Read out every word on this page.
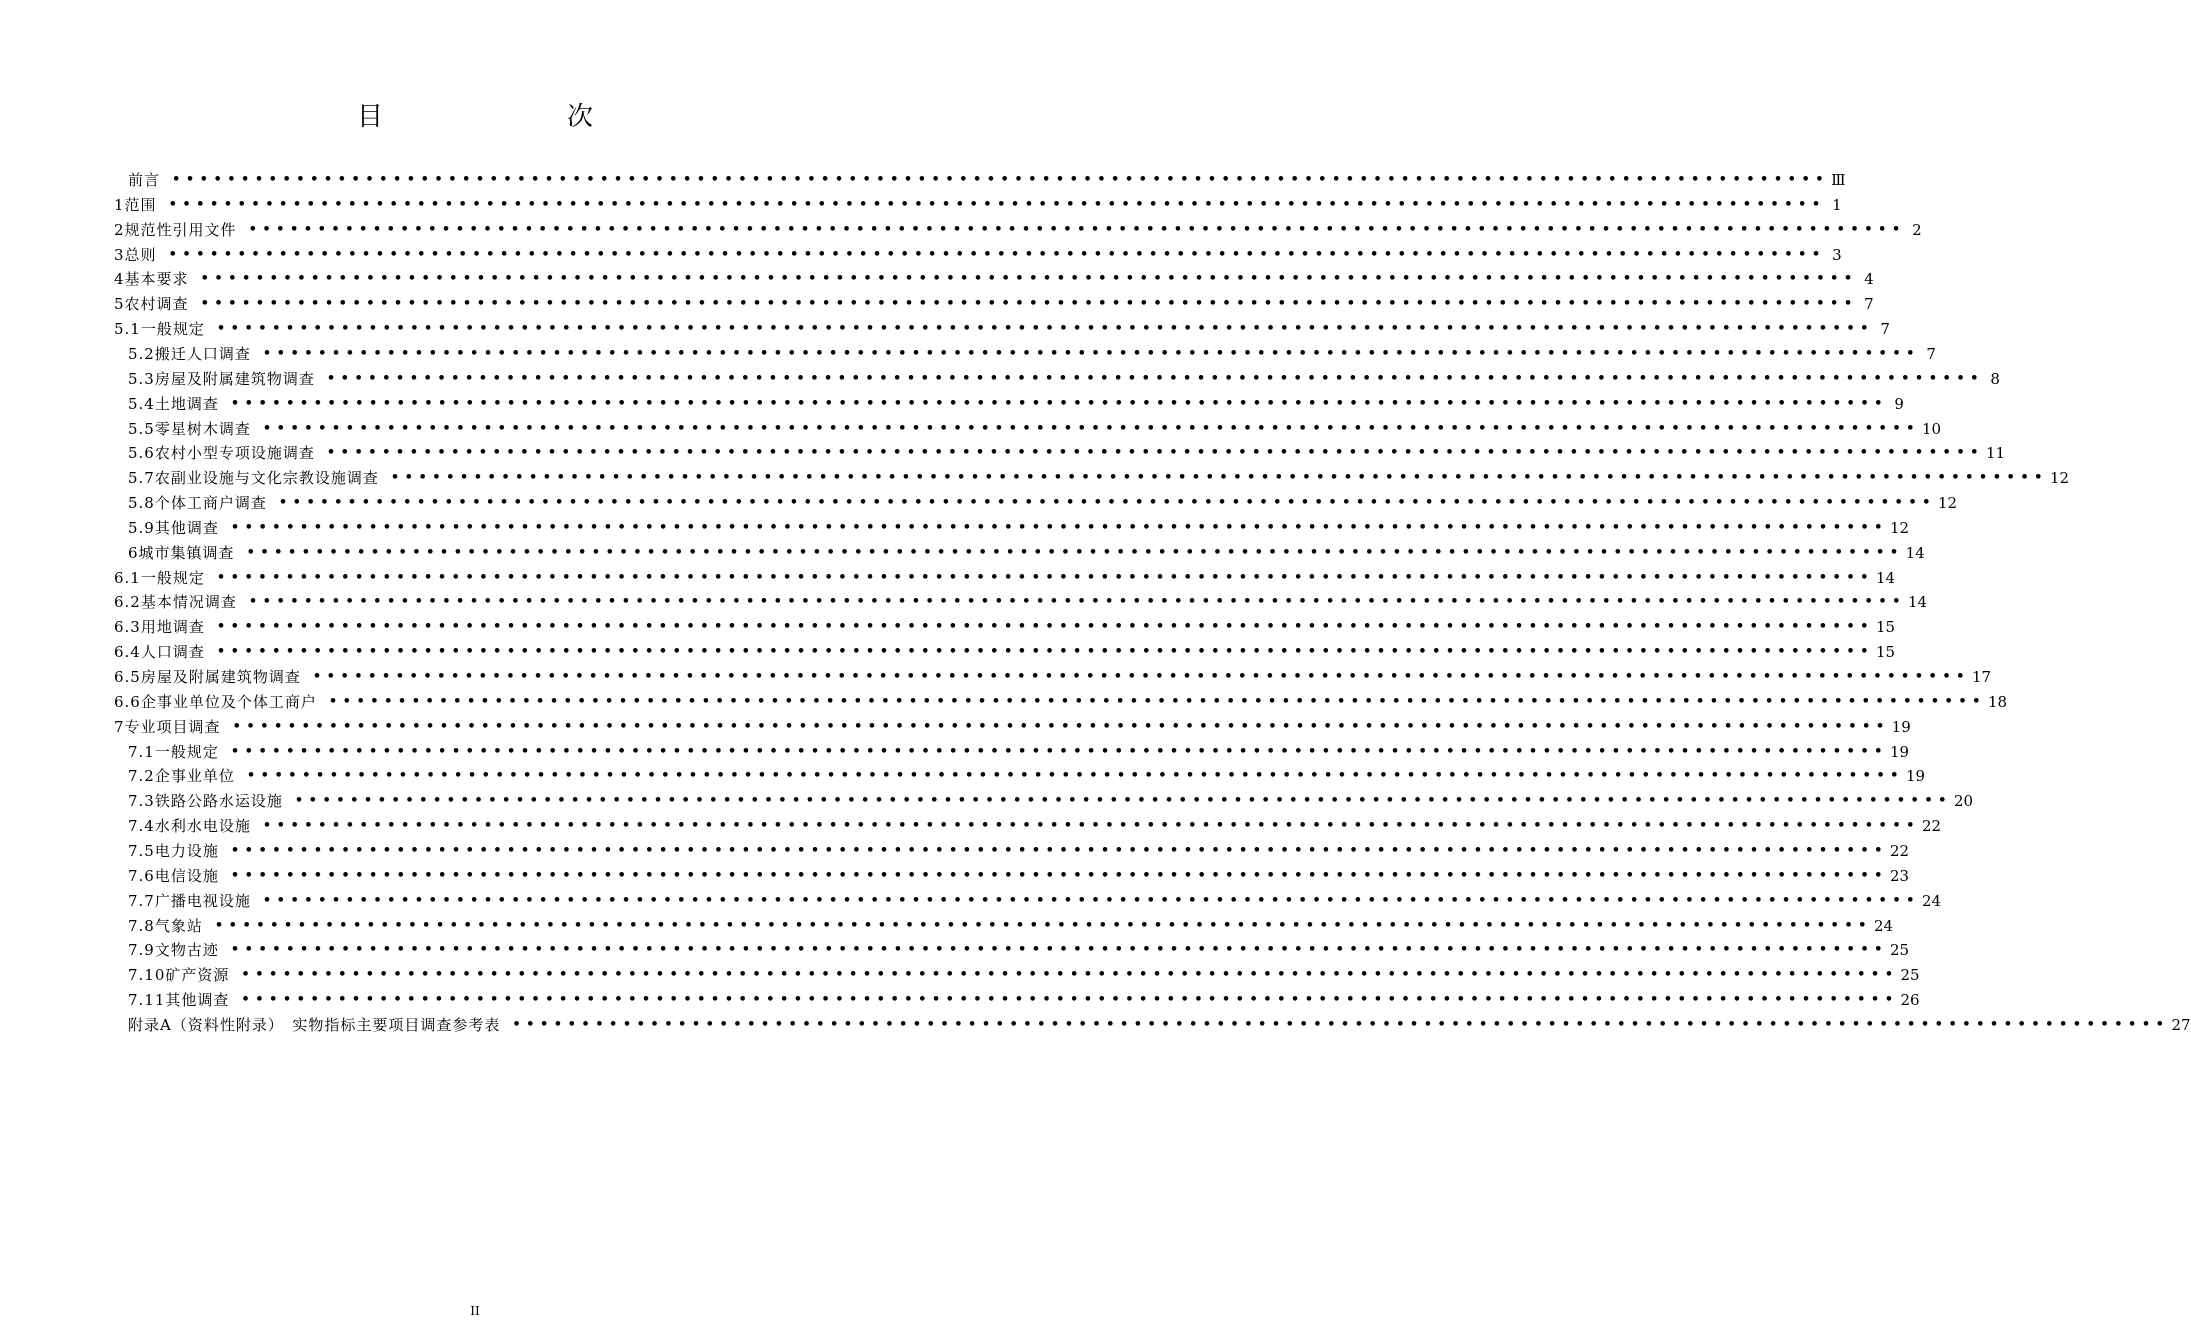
目　　次
前言 •••••••••••••••••••••••••••••••••••••••••••••••••••••••••••••••••••••••••••••••••••••••••••••••••••••••••••••••••••••••• Ⅲ
1 范围 •••••••••••••••••••••••••••••••••••••••••••••••••••••••••••••••••••••••••••••••••••••••••••••••••••••••••••••••••••••••• 1
2 规范性引用文件 •••••••••••••••••••••••••••••••••••••••••••••••••••••••••••••••••••••••••••••••••••••••••••••••••••••••••••••••••••••••• 2
3 总则 •••••••••••••••••••••••••••••••••••••••••••••••••••••••••••••••••••••••••••••••••••••••••••••••••••••••••••••••••••••••• 3
4 基本要求 •••••••••••••••••••••••••••••••••••••••••••••••••••••••••••••••••••••••••••••••••••••••••••••••••••••••••••••••••••••••• 4
5 农村调查 •••••••••••••••••••••••••••••••••••••••••••••••••••••••••••••••••••••••••••••••••••••••••••••••••••••••••••••••••••••••• 7
5.1 一般规定 •••••••••••••••••••••••••••••••••••••••••••••••••••••••••••••••••••••••••••••••••••••••••••••••••••••••••••••••••••••••• 7
5.2 搬迁人口调查 •••••••••••••••••••••••••••••••••••••••••••••••••••••••••••••••••••••••••••••••••••••••••••••••••••••••••••••••••••••••• 7
5.3 房屋及附属建筑物调查 •••••••••••••••••••••••••••••••••••••••••••••••••••••••••••••••••••••••••••••••••••••••••••••••••••••••••••••••••••••••• 8
5.4 土地调查 •••••••••••••••••••••••••••••••••••••••••••••••••••••••••••••••••••••••••••••••••••••••••••••••••••••••••••••••••••••••• 9
5.5 零星树木调查 •••••••••••••••••••••••••••••••••••••••••••••••••••••••••••••••••••••••••••••••••••••••••••••••••••••••••••••••••••••••• 10
5.6 农村小型专项设施调查 •••••••••••••••••••••••••••••••••••••••••••••••••••••••••••••••••••••••••••••••••••••••••••••••••••••••••••••••••••••••• 11
5.7 农副业设施与文化宗教设施调查 •••••••••••••••••••••••••••••••••••••••••••••••••••••••••••••••••••••••••••••••••••••••••••••••••••••••••••••••••••••••• 12
5.8 个体工商户调查 •••••••••••••••••••••••••••••••••••••••••••••••••••••••••••••••••••••••••••••••••••••••••••••••••••••••••••••••••••••••• 12
5.9 其他调查 •••••••••••••••••••••••••••••••••••••••••••••••••••••••••••••••••••••••••••••••••••••••••••••••••••••••••••••••••••••••• 12
6 城市集镇调查 •••••••••••••••••••••••••••••••••••••••••••••••••••••••••••••••••••••••••••••••••••••••••••••••••••••••••••••••••••••••• 14
6.1 一般规定 •••••••••••••••••••••••••••••••••••••••••••••••••••••••••••••••••••••••••••••••••••••••••••••••••••••••••••••••••••••••• 14
6.2 基本情况调查 •••••••••••••••••••••••••••••••••••••••••••••••••••••••••••••••••••••••••••••••••••••••••••••••••••••••••••••••••••••••• 14
6.3 用地调查 •••••••••••••••••••••••••••••••••••••••••••••••••••••••••••••••••••••••••••••••••••••••••••••••••••••••••••••••••••••••• 15
6.4 人口调查 •••••••••••••••••••••••••••••••••••••••••••••••••••••••••••••••••••••••••••••••••••••••••••••••••••••••••••••••••••••••• 15
6.5 房屋及附属建筑物调查 •••••••••••••••••••••••••••••••••••••••••••••••••••••••••••••••••••••••••••••••••••••••••••••••••••••••••••••••••••••••• 17
6.6 企事业单位及个体工商户 •••••••••••••••••••••••••••••••••••••••••••••••••••••••••••••••••••••••••••••••••••••••••••••••••••••••••••••••••••••••• 18
7 专业项目调查 •••••••••••••••••••••••••••••••••••••••••••••••••••••••••••••••••••••••••••••••••••••••••••••••••••••••••••••••••••••••• 19
7.1 一般规定 •••••••••••••••••••••••••••••••••••••••••••••••••••••••••••••••••••••••••••••••••••••••••••••••••••••••••••••••••••••••• 19
7.2 企事业单位 •••••••••••••••••••••••••••••••••••••••••••••••••••••••••••••••••••••••••••••••••••••••••••••••••••••••••••••••••••••••• 19
7.3 铁路公路水运设施 •••••••••••••••••••••••••••••••••••••••••••••••••••••••••••••••••••••••••••••••••••••••••••••••••••••••••••••••••••••••• 20
7.4 水利水电设施 •••••••••••••••••••••••••••••••••••••••••••••••••••••••••••••••••••••••••••••••••••••••••••••••••••••••••••••••••••••••• 22
7.5 电力设施 •••••••••••••••••••••••••••••••••••••••••••••••••••••••••••••••••••••••••••••••••••••••••••••••••••••••••••••••••••••••• 22
7.6 电信设施 •••••••••••••••••••••••••••••••••••••••••••••••••••••••••••••••••••••••••••••••••••••••••••••••••••••••••••••••••••••••• 23
7.7 广播电视设施 •••••••••••••••••••••••••••••••••••••••••••••••••••••••••••••••••••••••••••••••••••••••••••••••••••••••••••••••••••••••• 24
7.8 气象站 •••••••••••••••••••••••••••••••••••••••••••••••••••••••••••••••••••••••••••••••••••••••••••••••••••••••••••••••••••••••• 24
7.9 文物古迹 •••••••••••••••••••••••••••••••••••••••••••••••••••••••••••••••••••••••••••••••••••••••••••••••••••••••••••••••••••••••• 25
7.10 矿产资源 •••••••••••••••••••••••••••••••••••••••••••••••••••••••••••••••••••••••••••••••••••••••••••••••••••••••••••••••••••••••• 25
7.11 其他调查 •••••••••••••••••••••••••••••••••••••••••••••••••••••••••••••••••••••••••••••••••••••••••••••••••••••••••••••••••••••••• 26
附录A（资料性附录）　实物指标主要项目调查参考表 •••••••••••••••••••••••••••••••••••••••••••••••••••••••••••••••••••••••••••••••••••••••••••••••••••••••••••••••••••••••• 27
II
